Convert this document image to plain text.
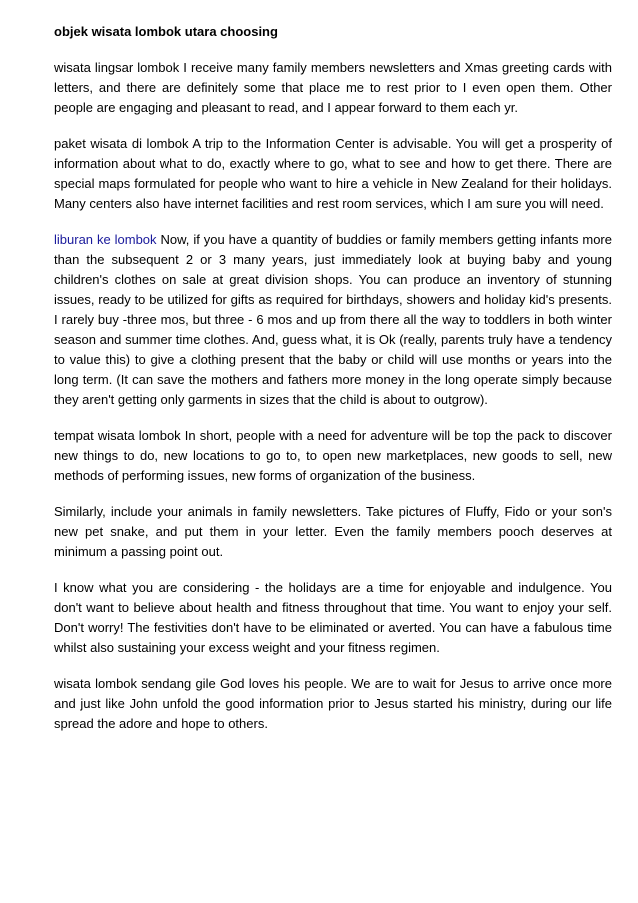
objek wisata lombok utara choosing

wisata lingsar lombok I receive many family members newsletters and Xmas greeting cards with letters, and there are definitely some that place me to rest prior to I even open them. Other people are engaging and pleasant to read, and I appear forward to them each yr.

paket wisata di lombok A trip to the Information Center is advisable. You will get a prosperity of information about what to do, exactly where to go, what to see and how to get there. There are special maps formulated for people who want to hire a vehicle in New Zealand for their holidays. Many centers also have internet facilities and rest room services, which I am sure you will need.

liburan ke lombok Now, if you have a quantity of buddies or family members getting infants more than the subsequent 2 or 3 many years, just immediately look at buying baby and young children's clothes on sale at great division shops. You can produce an inventory of stunning issues, ready to be utilized for gifts as required for birthdays, showers and holiday kid's presents. I rarely buy -three mos, but three - 6 mos and up from there all the way to toddlers in both winter season and summer time clothes. And, guess what, it is Ok (really, parents truly have a tendency to value this) to give a clothing present that the baby or child will use months or years into the long term. (It can save the mothers and fathers more money in the long operate simply because they aren't getting only garments in sizes that the child is about to outgrow).

tempat wisata lombok In short, people with a need for adventure will be top the pack to discover new things to do, new locations to go to, to open new marketplaces, new goods to sell, new methods of performing issues, new forms of organization of the business.

Similarly, include your animals in family newsletters. Take pictures of Fluffy, Fido or your son's new pet snake, and put them in your letter. Even the family members pooch deserves at minimum a passing point out.

I know what you are considering - the holidays are a time for enjoyable and indulgence. You don't want to believe about health and fitness throughout that time. You want to enjoy your self. Don't worry! The festivities don't have to be eliminated or averted. You can have a fabulous time whilst also sustaining your excess weight and your fitness regimen.

wisata lombok sendang gile God loves his people. We are to wait for Jesus to arrive once more and just like John unfold the good information prior to Jesus started his ministry, during our life spread the adore and hope to others.
